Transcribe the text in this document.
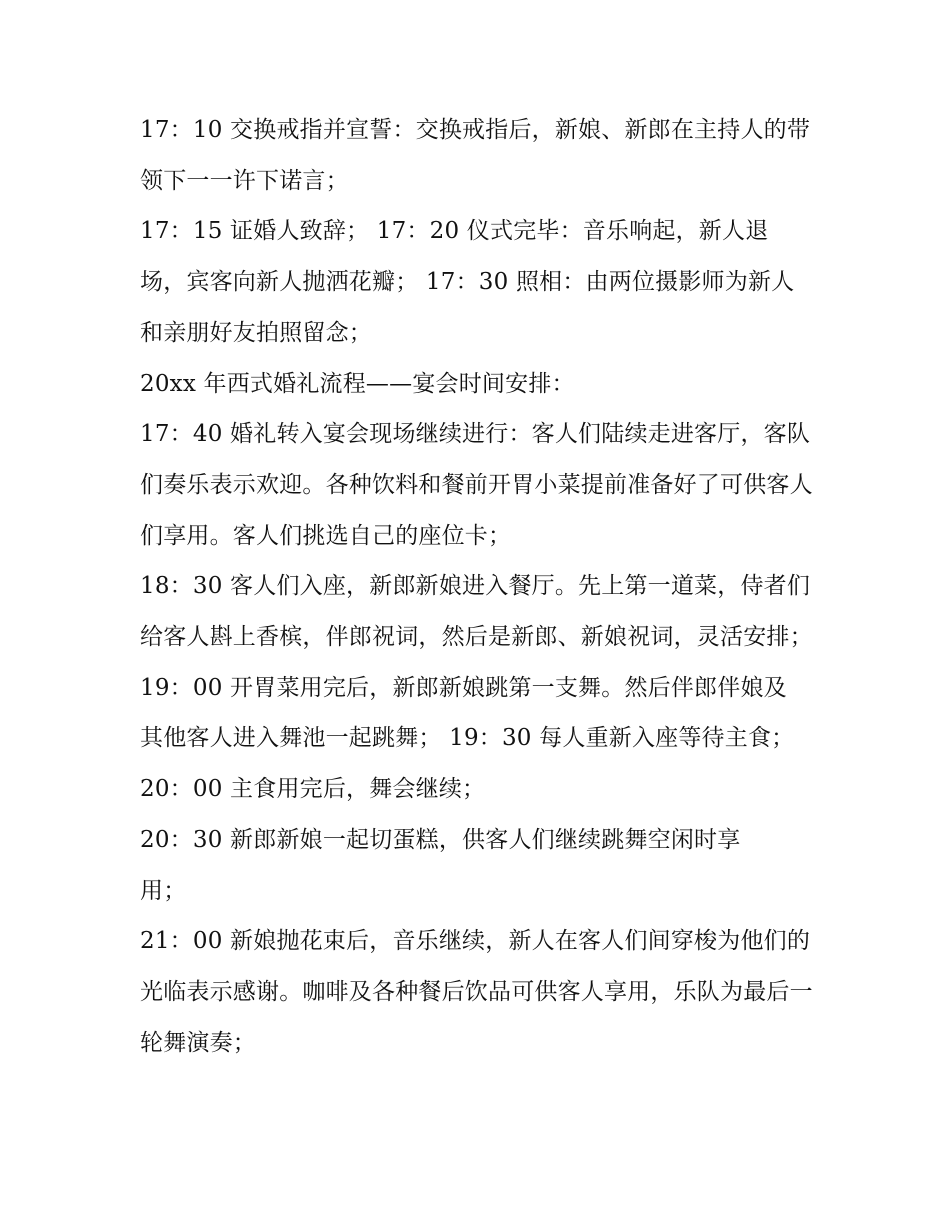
17：10 交换戒指并宣誓：交换戒指后，新娘、新郎在主持人的带领下一一许下诺言；

17：15 证婚人致辞； 17：20 仪式完毕：音乐响起，新人退场，宾客向新人抛洒花瓣； 17：30 照相：由两位摄影师为新人和亲朋好友拍照留念；

20xx 年西式婚礼流程——宴会时间安排：

17：40 婚礼转入宴会现场继续进行：客人们陆续走进客厅，客队们奏乐表示欢迎。各种饮料和餐前开胃小菜提前准备好了可供客人们享用。客人们挑选自己的座位卡；

18：30 客人们入座，新郎新娘进入餐厅。先上第一道菜，侍者们给客人斟上香槟，伴郎祝词，然后是新郎、新娘祝词，灵活安排；

19：00 开胃菜用完后，新郎新娘跳第一支舞。然后伴郎伴娘及其他客人进入舞池一起跳舞； 19：30 每人重新入座等待主食； 20：00 主食用完后，舞会继续；

20：30 新郎新娘一起切蛋糕，供客人们继续跳舞空闲时享用；

21：00 新娘抛花束后，音乐继续，新人在客人们间穿梭为他们的光临表示感谢。咖啡及各种餐后饮品可供客人享用，乐队为最后一轮舞演奏；
